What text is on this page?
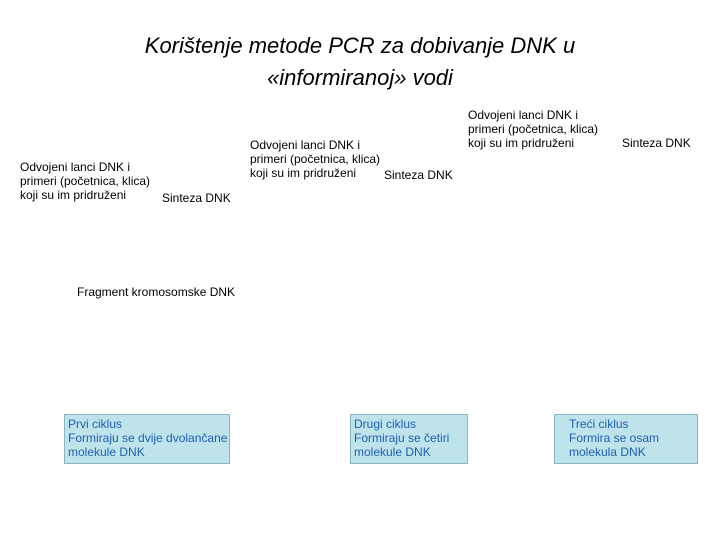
Korištenje metode PCR za dobivanje DNK u
«informiranoj» vodi
Odvojeni lanci DNK i
primeri (početnica, klica)
koji su im pridruženi	Sinteza DNK
Odvojeni lanci DNK i
primeri (početnica, klica)
koji su im pridruženi	Sinteza DNK
Odvojeni lanci DNK i
primeri (početnica, klica)
koji su im pridruženi	Sinteza DNK
Fragment kromosomske DNK
Prvi ciklus
Formiraju se dvije dvolančane
molekule DNK
Drugi ciklus
Formiraju se četiri
molekule DNK
Treći ciklus
Formira se osam
molekula DNK
